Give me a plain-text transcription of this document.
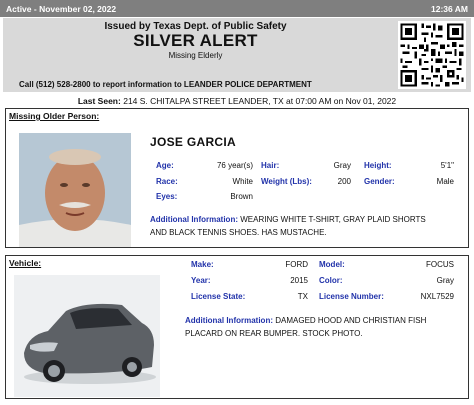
Active - November 02, 2022	12:36 AM
Issued by Texas Dept. of Public Safety
SILVER ALERT
Missing Elderly
Call (512) 528-2800 to report information to LEANDER POLICE DEPARTMENT
Last Seen: 214 S. CHITALPA STREET LEANDER, TX at 07:00 AM on Nov 01, 2022
Missing Older Person:
JOSE GARCIA
Age:	76 year(s) Hair:	Gray Height:	5'1"
Race:	White Weight (Lbs):	200 Gender:	Male
Eyes:	Brown
Additional Information: WEARING WHITE T-SHIRT, GRAY PLAID SHORTS
AND BLACK TENNIS SHOES. HAS MUSTACHE.
Vehicle:	Make:	FORD Model:	FOCUS
Year:	2015 Color:	Gray
License State:	TX License Number:	NXL7529
Additional Information: DAMAGED HOOD AND CHRISTIAN FISH
PLACARD ON REAR BUMPER. STOCK PHOTO.
